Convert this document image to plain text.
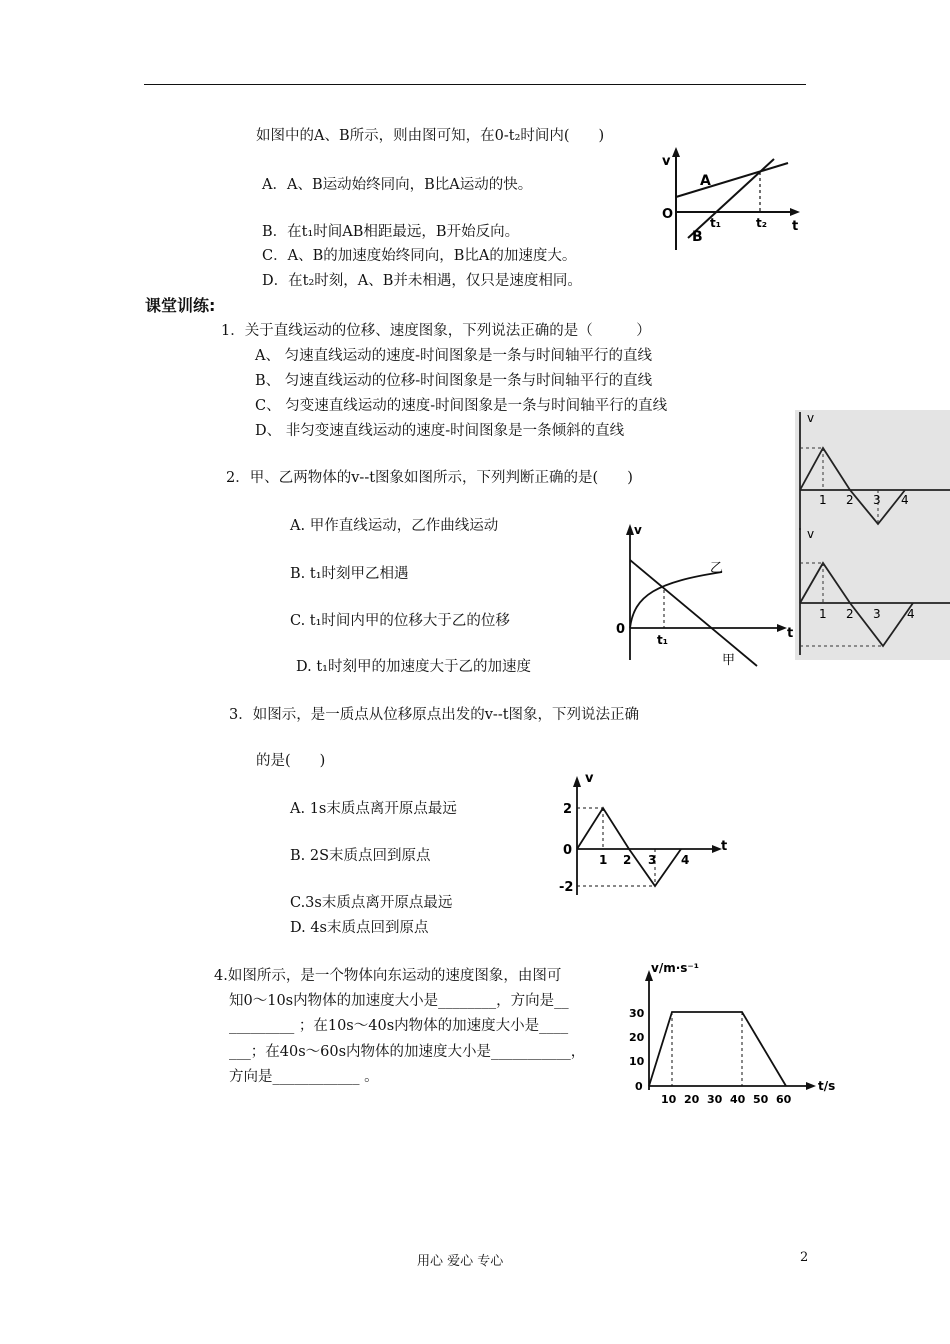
如图中的A、B所示，则由图可知，在0-t₂时间内(　　)
A．A、B运动始终同向，B比A运动的快。
B．在t₁时间AB相距最远，B开始反向。
C．A、B的加速度始终同向，B比A的加速度大。
D．在t₂时刻，A、B并未相遇，仅只是速度相同。
v
O
A
B
t₁	t₂ t
课堂训练:
1．关于直线运动的位移、速度图象，下列说法正确的是（　　　）
A、 匀速直线运动的速度-时间图象是一条与时间轴平行的直线
B、 匀速直线运动的位移-时间图象是一条与时间轴平行的直线
C、 匀变速直线运动的速度-时间图象是一条与时间轴平行的直线
D、 非匀变速直线运动的速度-时间图象是一条倾斜的直线
v
1 2 3 4
v
1 2 3 4
2．甲、乙两物体的v--t图象如图所示，下列判断正确的是(　　)
A. 甲作直线运动，乙作曲线运动
B. t₁时刻甲乙相遇
C. t₁时间内甲的位移大于乙的位移
D. t₁时刻甲的加速度大于乙的加速度
v
0	t
t₁
甲
乙
3．如图示，是一质点从位移原点出发的v--t图象，下列说法正确
的是(　　)
A. 1s末质点离开原点最远
B. 2S末质点回到原点
C.3s末质点离开原点最远
D. 4s末质点回到原点
v
t
2
0
-2
1 2 3 4
4.如图所示，是一个物体向东运动的速度图象，由图可
知0～10s内物体的加速度大小是________，方向是__
_________ ；在10s～40s内物体的加速度大小是____
___；在40s～60s内物体的加速度大小是___________，
方向是____________ 。
v/m·s⁻¹
t/s
30
20
10
0
10 20 30 40 50 60
用心 爱心 专心	2
